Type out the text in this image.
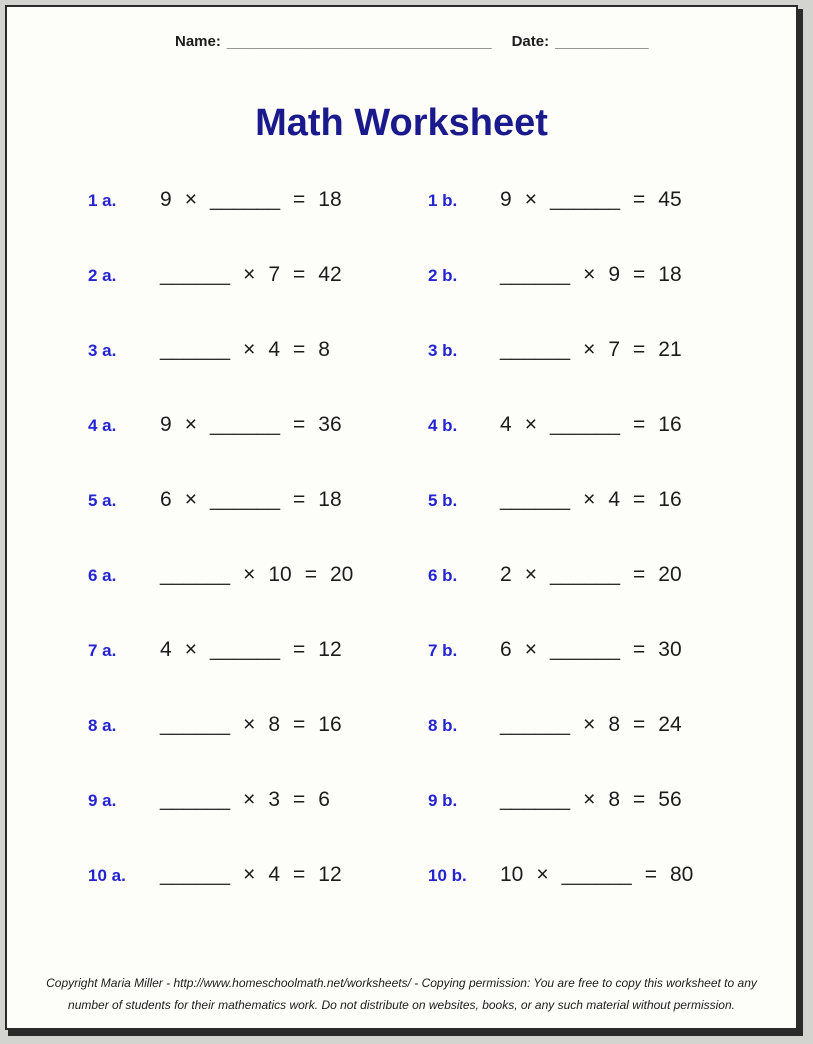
Name: __________________________________ Date: ____________
Math Worksheet
1 a.	9 × ______ = 18	1 b.	9 × ______ = 45
2 a.	______ × 7 = 42	2 b.	______ × 9 = 18
3 a.	______ × 4 = 8	3 b.	______ × 7 = 21
4 a.	9 × ______ = 36	4 b.	4 × ______ = 16
5 a.	6 × ______ = 18	5 b.	______ × 4 = 16
6 a.	______ × 10 = 20	6 b.	2 × ______ = 20
7 a.	4 × ______ = 12	7 b.	6 × ______ = 30
8 a.	______ × 8 = 16	8 b.	______ × 8 = 24
9 a.	______ × 3 = 6	9 b.	______ × 8 = 56
10 a.	______ × 4 = 12	10 b.	10 × ______ = 80
Copyright Maria Miller - http://www.homeschoolmath.net/worksheets/ - Copying permission: You are free to copy this worksheet to any
number of students for their mathematics work. Do not distribute on websites, books, or any such material without permission.
